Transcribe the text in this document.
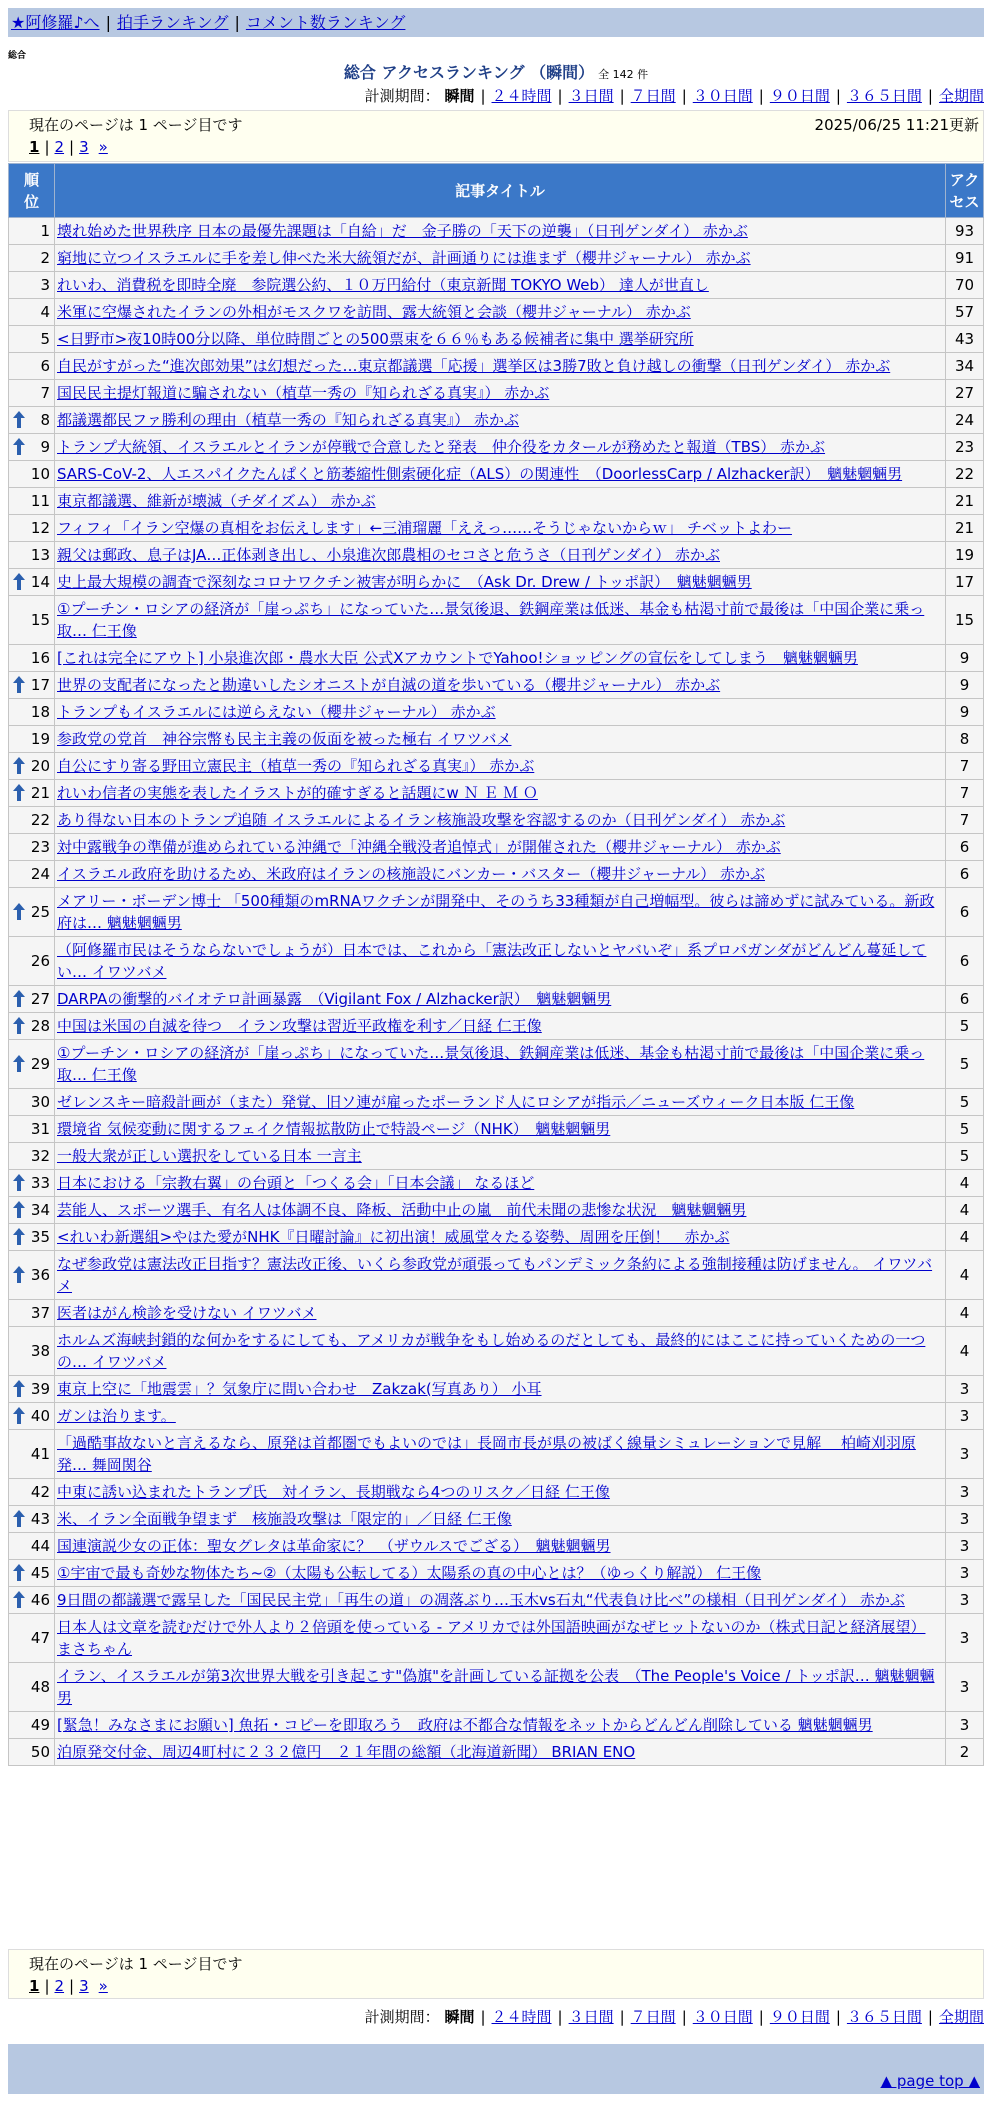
★阿修羅♪へ | 拍手ランキング | コメント数ランキング
総合
総合 アクセスランキング （瞬間） 全 142 件
計測期間： 瞬間 | ２４時間 | ３日間 | ７日間 | ３０日間 | ９０日間 | ３６５日間 | 全期間
現在のページは 1 ページ目です	2025/06/25 11:21更新
1 | 2 | 3 »
順
位	記事タイトル	アク
セス
1	壊れ始めた世界秩序 日本の最優先課題は「自給」だ　金子勝の「天下の逆襲」（日刊ゲンダイ） 赤かぶ	93
2	窮地に立つイスラエルに手を差し伸べた米大統領だが、計画通りには進まず（櫻井ジャーナル） 赤かぶ	91
3	れいわ、消費税を即時全廃　参院選公約、１０万円給付（東京新聞 TOKYO Web） 達人が世直し	70
4	米軍に空爆されたイランの外相がモスクワを訪問、露大統領と会談（櫻井ジャーナル） 赤かぶ	57
5	<日野市>夜10時00分以降、単位時間ごとの500票束を６６％もある候補者に集中 選挙研究所	43
6	自民がすがった“進次郎効果”は幻想だった…東京都議選「応援」選挙区は3勝7敗と負け越しの衝撃（日刊ゲンダイ） 赤かぶ	34
7	国民民主提灯報道に騙されない（植草一秀の『知られざる真実』） 赤かぶ	27

8	都議選都民ファ勝利の理由（植草一秀の『知られざる真実』） 赤かぶ	24

9	トランプ大統領、イスラエルとイランが停戦で合意したと発表　仲介役をカタールが務めたと報道（TBS） 赤かぶ	23
10	SARS-CoV-2、人エスパイクたんぱくと筋萎縮性側索硬化症（ALS）の関連性　（DoorlessCarp / Alzhacker訳）　魑魅魍魎男	22
11	東京都議選、維新が壊滅（チダイズム） 赤かぶ	21
12	フィフィ「イラン空爆の真相をお伝えします」←三浦瑠麗「ええっ……そうじゃないからｗ」 チベットよわー	21
13	親父は郵政、息子はJA…正体剥き出し、小泉進次郎農相のセコさと危うさ（日刊ゲンダイ） 赤かぶ	19

14	史上最大規模の調査で深刻なコロナワクチン被害が明らかに　（Ask Dr. Drew / トッポ訳）　魑魅魍魎男	17
15	①プーチン・ロシアの経済が「崖っぷち」になっていた…景気後退、鉄鋼産業は低迷、基金も枯渇寸前で最後は「中国企業に乗っ取… 仁王像	15
16	[これは完全にアウト] 小泉進次郎・農水大臣 公式XアカウントでYahoo!ショッピングの宣伝をしてしまう　魑魅魍魎男	9

17	世界の支配者になったと勘違いしたシオニストが自滅の道を歩いている（櫻井ジャーナル） 赤かぶ	9
18	トランプもイスラエルには逆らえない（櫻井ジャーナル） 赤かぶ	9
19	参政党の党首　神谷宗幣も民主主義の仮面を被った極右 イワツバメ	8

20	自公にすり寄る野田立憲民主（植草一秀の『知られざる真実』） 赤かぶ	7

21	れいわ信者の実態を表したイラストが的確すぎると話題にw Ｎ Ｅ Ｍ Ｏ	7
22	あり得ない日本のトランプ追随 イスラエルによるイラン核施設攻撃を容認するのか（日刊ゲンダイ） 赤かぶ	7
23	対中露戦争の準備が進められている沖縄で「沖縄全戦没者追悼式」が開催された（櫻井ジャーナル） 赤かぶ	6
24	イスラエル政府を助けるため、米政府はイランの核施設にバンカー・バスター（櫻井ジャーナル） 赤かぶ	6

25	メアリー・ボーデン博士 「500種類のmRNAワクチンが開発中、そのうち33種類が自己増幅型。彼らは諦めずに試みている。新政府は… 魑魅魍魎男	6
26	（阿修羅市民はそうならないでしょうが）日本では、これから「憲法改正しないとヤバいぞ」系プロパガンダがどんどん蔓延してい… イワツバメ	6

27	DARPAの衝撃的バイオテロ計画暴露　（Vigilant Fox / Alzhacker訳）　魑魅魍魎男	6

28	中国は米国の自滅を待つ　イラン攻撃は習近平政権を利す／日経 仁王像	5

29	①プーチン・ロシアの経済が「崖っぷち」になっていた…景気後退、鉄鋼産業は低迷、基金も枯渇寸前で最後は「中国企業に乗っ取… 仁王像	5
30	ゼレンスキー暗殺計画が（また）発覚、旧ソ連が雇ったポーランド人にロシアが指示／ニューズウィーク日本版 仁王像	5
31	環境省 気候変動に関するフェイク情報拡散防止で特設ページ（NHK）　魑魅魍魎男	5
32	一般大衆が正しい選択をしている日本 一言主	5

33	日本における「宗教右翼」の台頭と「つくる会」「日本会議」 なるほど	4

34	芸能人、スポーツ選手、有名人は体調不良、降板、活動中止の嵐　前代未聞の悲惨な状況　魑魅魍魎男	4

35	<れいわ新選組>やはた愛がNHK『日曜討論』に初出演！威風堂々たる姿勢、周囲を圧倒！　赤かぶ	4

36	なぜ参政党は憲法改正目指す？憲法改正後、いくら参政党が頑張ってもパンデミック条約による強制接種は防げません。 イワツバメ	4
37	医者はがん検診を受けない イワツバメ	4
38	ホルムズ海峡封鎖的な何かをするにしても、アメリカが戦争をもし始めるのだとしても、最終的にはここに持っていくための一つの… イワツバメ	4

39	東京上空に「地震雲」？気象庁に問い合わせ　Zakzak(写真あり） 小耳	3

40	ガンは治ります。	3
41	「過酷事故ないと言えるなら、原発は首都圏でもよいのでは」長岡市長が県の被ばく線量シミュレーションで見解　 柏崎刈羽原発… 舞岡関谷	3
42	中東に誘い込まれたトランプ氏　対イラン、長期戦なら4つのリスク／日経 仁王像	3

43	米、イラン全面戦争望まず　核施設攻撃は「限定的」／日経 仁王像	3
44	国連演説少女の正体：聖女グレタは革命家に？　（ザウルスでござる）　魑魅魍魎男	3

45	①宇宙で最も奇妙な物体たち~②（太陽も公転してる）太陽系の真の中心とは？（ゆっくり解説） 仁王像	3

46	9日間の都議選で露呈した「国民民主党」「再生の道」の凋落ぶり…玉木vs石丸“代表負け比べ”の様相（日刊ゲンダイ） 赤かぶ	3
47	日本人は文章を読むだけで外人より２倍頭を使っている - アメリカでは外国語映画がなぜヒットないのか（株式日記と経済展望） まさちゃん	3
48	イラン、イスラエルが第3次世界大戦を引き起こす"偽旗"を計画している証拠を公表　（The People's Voice / トッポ訳… 魑魅魍魎男	3
49	[緊急！みなさまにお願い] 魚拓・コピーを即取ろう　政府は不都合な情報をネットからどんどん削除している 魑魅魍魎男	3
50	泊原発交付金、周辺4町村に２３２億円　２１年間の総額（北海道新聞） BRIAN ENO	2
現在のページは 1 ページ目です
1 | 2 | 3 »
計測期間： 瞬間 | ２４時間 | ３日間 | ７日間 | ３０日間 | ９０日間 | ３６５日間 | 全期間
▲ page top ▲
